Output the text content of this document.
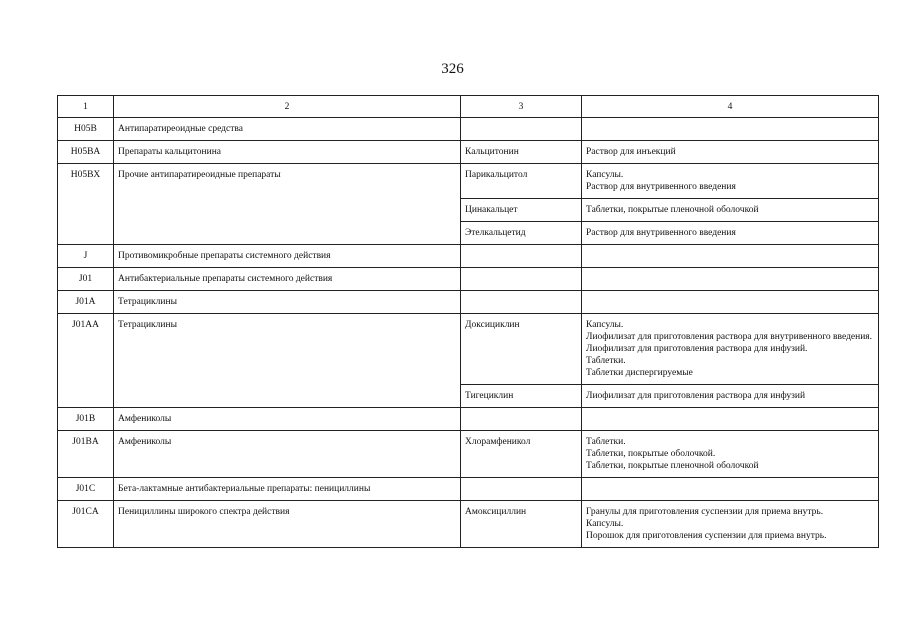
326
1	2	3	4
H05B	Антипаратиреоидные средства		
H05BA	Препараты кальцитонина	Кальцитонин	Раствор для инъекций

H05BX	Прочие антипаратиреоидные препараты	Парикальцитол	Капсулы.
Раствор для внутривенного введения

		Цинакальцет	Таблетки, покрытые пленочной оболочкой

		Этелкальцетид	Раствор для внутривенного введения

J	Противомикробные препараты системного действия		
J01	Антибактериальные препараты системного действия		
J01A	Тетрациклины		
J01AA	Тетрациклины	Доксициклин	Капсулы.
Лиофилизат для приготовления раствора для внутривенного введения.
Лиофилизат для приготовления раствора для инфузий.
Таблетки.
Таблетки диспергируемые

		Тигециклин	Лиофилизат для приготовления раствора для инфузий

J01B	Амфениколы		
J01BA	Амфениколы	Хлорамфеникол	Таблетки.
Таблетки, покрытые оболочкой.
Таблетки, покрытые пленочной оболочкой

J01C	Бета-лактамные антибактериальные препараты: пенициллины		
J01CA	Пенициллины широкого спектра действия	Амоксициллин	Гранулы для приготовления суспензии для приема внутрь.
Капсулы.
Порошок для приготовления суспензии для приема внутрь.
